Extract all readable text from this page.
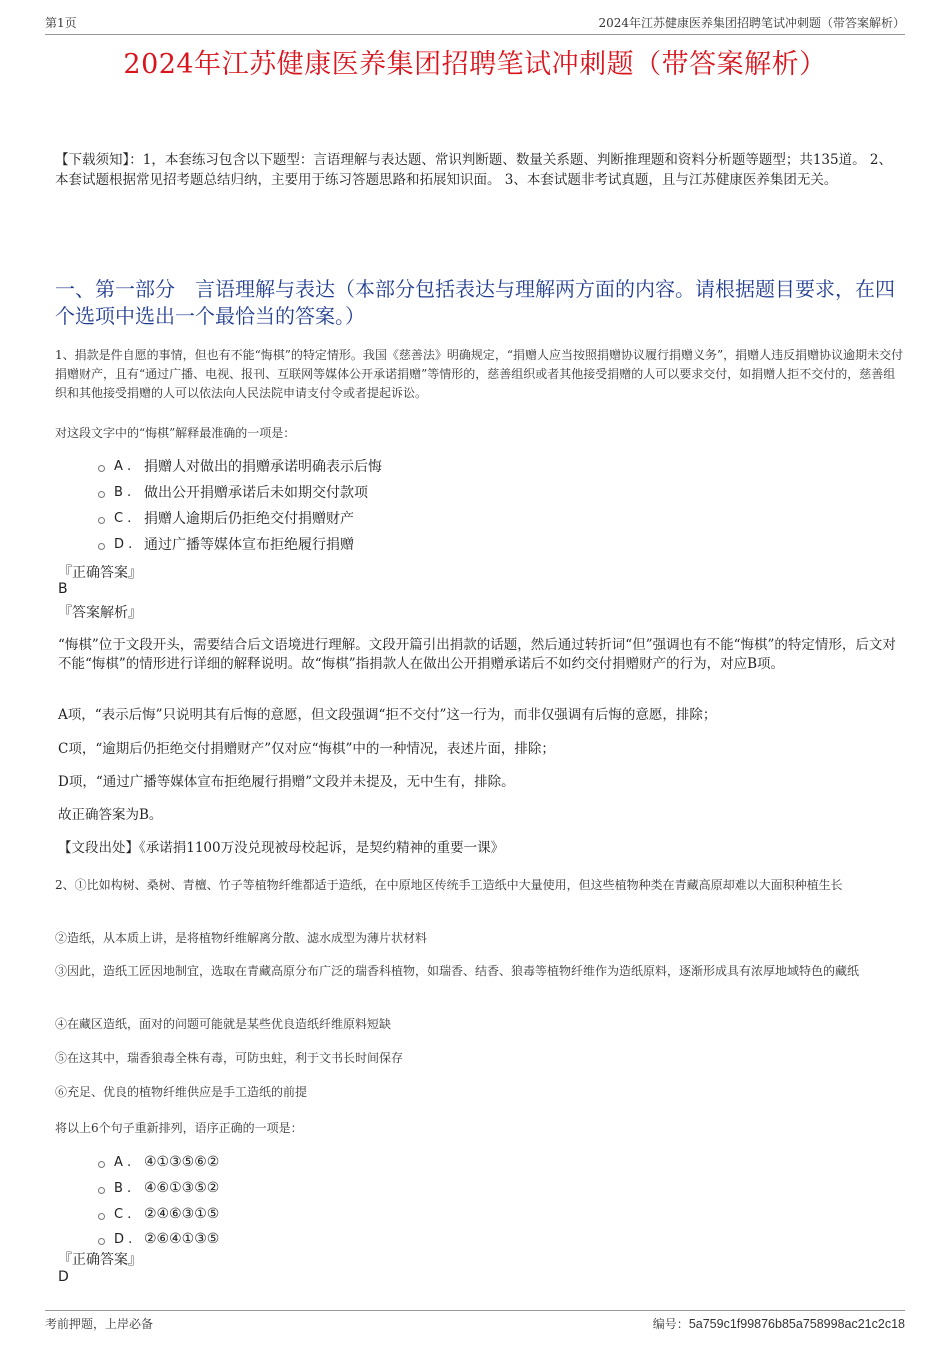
第1页	2024年江苏健康医养集团招聘笔试冲刺题（带答案解析）
2024年江苏健康医养集团招聘笔试冲刺题（带答案解析）
【下载须知】：1，本套练习包含以下题型：言语理解与表达题、常识判断题、数量关系题、判断推理题和资料分析题等题型；共135道。 2、本套试题根据常见招考题总结归纳，主要用于练习答题思路和拓展知识面。 3、本套试题非考试真题，且与江苏健康医养集团无关。
一、第一部分　言语理解与表达（本部分包括表达与理解两方面的内容。请根据题目要求，在四个选项中选出一个最恰当的答案。）
1、捐款是件自愿的事情，但也有不能“悔棋”的特定情形。我国《慈善法》明确规定，“捐赠人应当按照捐赠协议履行捐赠义务”，捐赠人违反捐赠协议逾期未交付捐赠财产，且有“通过广播、电视、报刊、互联网等媒体公开承诺捐赠”等情形的，慈善组织或者其他接受捐赠的人可以要求交付，如捐赠人拒不交付的，慈善组织和其他接受捐赠的人可以依法向人民法院申请支付令或者提起诉讼。
对这段文字中的“悔棋”解释最准确的一项是：
A . 捐赠人对做出的捐赠承诺明确表示后悔
B . 做出公开捐赠承诺后未如期交付款项
C . 捐赠人逾期后仍拒绝交付捐赠财产
D . 通过广播等媒体宣布拒绝履行捐赠
『正确答案』
B
『答案解析』
“悔棋”位于文段开头，需要结合后文语境进行理解。文段开篇引出捐款的话题，然后通过转折词“但”强调也有不能“悔棋”的特定情形，后文对不能“悔棋”的情形进行详细的解释说明。故“悔棋”指捐款人在做出公开捐赠承诺后不如约交付捐赠财产的行为，对应B项。
A项，“表示后悔”只说明其有后悔的意愿，但文段强调“拒不交付”这一行为，而非仅强调有后悔的意愿，排除；
C项，“逾期后仍拒绝交付捐赠财产”仅对应“悔棋”中的一种情况，表述片面，排除；
D项，“通过广播等媒体宣布拒绝履行捐赠”文段并未提及，无中生有，排除。
故正确答案为B。
【文段出处】《承诺捐1100万没兑现被母校起诉，是契约精神的重要一课》
2、①比如构树、桑树、青檀、竹子等植物纤维都适于造纸，在中原地区传统手工造纸中大量使用，但这些植物种类在青藏高原却难以大面积种植生长
②造纸，从本质上讲，是将植物纤维解离分散、滤水成型为薄片状材料
③因此，造纸工匠因地制宜，选取在青藏高原分布广泛的瑞香科植物，如瑞香、结香、狼毒等植物纤维作为造纸原料，逐渐形成具有浓厚地域特色的藏纸
④在藏区造纸，面对的问题可能就是某些优良造纸纤维原料短缺
⑤在这其中，瑞香狼毒全株有毒，可防虫蛀，利于文书长时间保存
⑥充足、优良的植物纤维供应是手工造纸的前提
将以上6个句子重新排列，语序正确的一项是：
A . ④①③⑤⑥②
B . ④⑥①③⑤②
C . ②④⑥③①⑤
D . ②⑥④①③⑤
『正确答案』
D
考前押题，上岸必备	编号：5a759c1f99876b85a758998ac21c2c18
